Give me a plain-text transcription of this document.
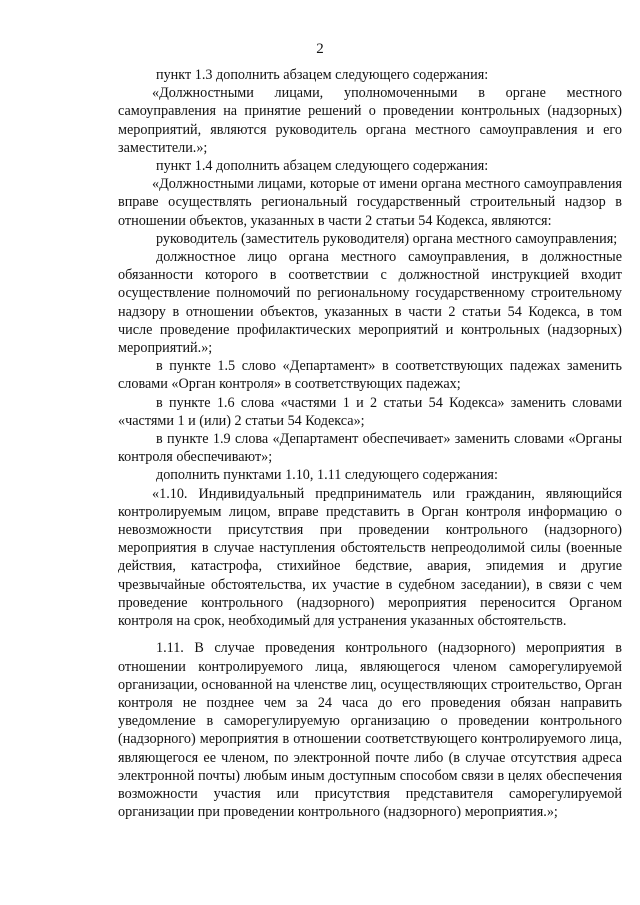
2

пункт 1.3 дополнить абзацем следующего содержания:

«Должностными лицами, уполномоченными в органе местного самоуправления на принятие решений о проведении контрольных (надзорных) мероприятий, являются руководитель органа местного самоуправления и его заместители.»;

пункт 1.4 дополнить абзацем следующего содержания:

«Должностными лицами, которые от имени органа местного самоуправления вправе осуществлять региональный государственный строительный надзор в отношении объектов, указанных в части 2 статьи 54 Кодекса, являются:

руководитель (заместитель руководителя) органа местного самоуправления;

должностное лицо органа местного самоуправления, в должностные обязанности которого в соответствии с должностной инструкцией входит осуществление полномочий по региональному государственному строительному надзору в отношении объектов, указанных в части 2 статьи 54 Кодекса, в том числе проведение профилактических мероприятий и контрольных (надзорных) мероприятий.»;

в пункте 1.5 слово «Департамент» в соответствующих падежах заменить словами «Орган контроля» в соответствующих падежах;

в пункте 1.6 слова «частями 1 и 2 статьи 54 Кодекса» заменить словами «частями 1 и (или) 2 статьи 54 Кодекса»;

в пункте 1.9 слова «Департамент обеспечивает» заменить словами «Органы контроля обеспечивают»;

дополнить пунктами 1.10, 1.11 следующего содержания:

«1.10. Индивидуальный предприниматель или гражданин, являющийся контролируемым лицом, вправе представить в Орган контроля информацию о невозможности присутствия при проведении контрольного (надзорного) мероприятия в случае наступления обстоятельств непреодолимой силы (военные действия, катастрофа, стихийное бедствие, авария, эпидемия и другие чрезвычайные обстоятельства, их участие в судебном заседании), в связи с чем проведение контрольного (надзорного) мероприятия переносится Органом контроля на срок, необходимый для устранения указанных обстоятельств.

1.11. В случае проведения контрольного (надзорного) мероприятия в отношении контролируемого лица, являющегося членом саморегулируемой организации, основанной на членстве лиц, осуществляющих строительство, Орган контроля не позднее чем за 24 часа до его проведения обязан направить уведомление в саморегулируемую организацию о проведении контрольного (надзорного) мероприятия в отношении соответствующего контролируемого лица, являющегося ее членом, по электронной почте либо (в случае отсутствия адреса электронной почты) любым иным доступным способом связи в целях обеспечения возможности участия или присутствия представителя саморегулируемой организации при проведении контрольного (надзорного) мероприятия.»;
